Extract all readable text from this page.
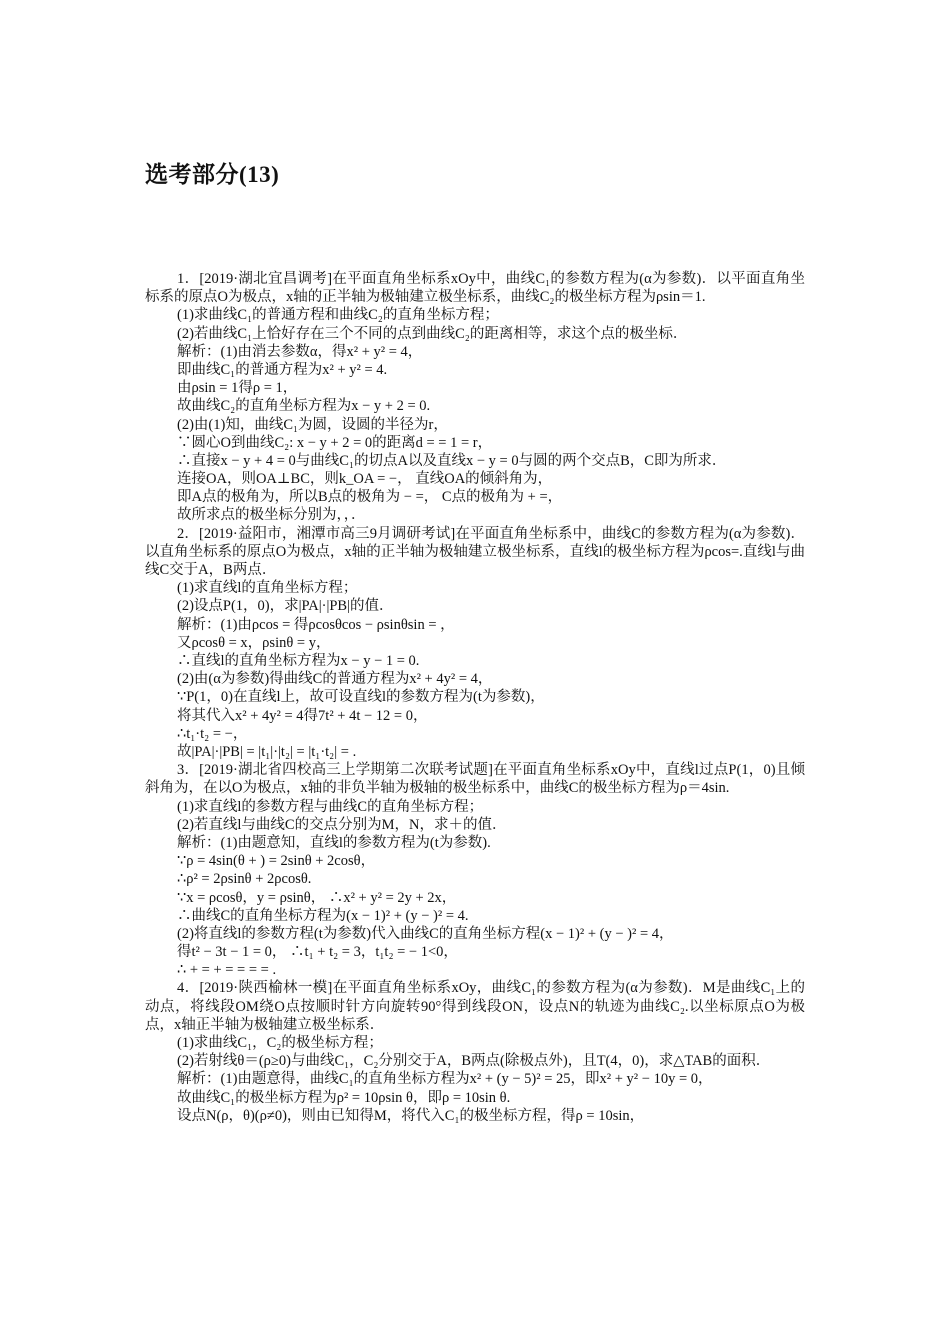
选考部分(13)
1．[2019·湖北宜昌调考]在平面直角坐标系xOy中，曲线C₁的参数方程为(α为参数)．以平面直角坐标系的原点O为极点，x轴的正半轴为极轴建立极坐标系，曲线C₂的极坐标方程为ρsin＝1.
(1)求曲线C₁的普通方程和曲线C₂的直角坐标方程；
(2)若曲线C₁上恰好存在三个不同的点到曲线C₂的距离相等，求这个点的极坐标．
解析：(1)由消去参数α，得x² + y² = 4，
即曲线C₁的普通方程为x² + y² = 4.
由ρsin = 1得ρ = 1，
故曲线C₂的直角坐标方程为x − y + 2 = 0.
(2)由(1)知，曲线C₁为圆，设圆的半径为r，
∵圆心O到曲线C₂: x − y + 2 = 0的距离d = = 1 = r，
∴直接x − y + 4 = 0与曲线C₁的切点A以及直线x − y = 0与圆的两个交点B，C即为所求．
连接OA，则OA⊥BC，则k_OA = −， 直线OA的倾斜角为，
即A点的极角为，所以B点的极角为 − =， C点的极角为 + =，
故所求点的极坐标分别为，，．
2．[2019·益阳市，湘潭市高三9月调研考试]在平面直角坐标系中，曲线C的参数方程为(α为参数)．以直角坐标系的原点O为极点，x轴的正半轴为极轴建立极坐标系，直线l的极坐标方程为ρcos=.直线l与曲线C交于A，B两点．
(1)求直线l的直角坐标方程；
(2)设点P(1，0)，求|PA|·|PB|的值．
解析：(1)由ρcos = 得ρcosθcos − ρsinθsin = ，
又ρcosθ = x，ρsinθ = y，
∴直线l的直角坐标方程为x − y − 1 = 0.
(2)由(α为参数)得曲线C的普通方程为x² + 4y² = 4，
∵P(1，0)在直线l上，故可设直线l的参数方程为(t为参数)，
将其代入x² + 4y² = 4得7t² + 4t − 12 = 0，
∴t₁·t₂ = −，
故|PA|·|PB| = |t₁|·|t₂| = |t₁·t₂| = .
3．[2019·湖北省四校高三上学期第二次联考试题]在平面直角坐标系xOy中，直线l过点P(1，0)且倾斜角为，在以O为极点，x轴的非负半轴为极轴的极坐标系中，曲线C的极坐标方程为ρ＝4sin.
(1)求直线l的参数方程与曲线C的直角坐标方程；
(2)若直线l与曲线C的交点分别为M，N，求＋的值．
解析：(1)由题意知，直线l的参数方程为(t为参数).
∵ρ = 4sin(θ + ) = 2sinθ + 2cosθ，
∴ρ² = 2ρsinθ + 2ρcosθ.
∵x = ρcosθ，y = ρsinθ， ∴x² + y² = 2y + 2x，
∴曲线C的直角坐标方程为(x − 1)² + (y − )² = 4.
(2)将直线l的参数方程(t为参数)代入曲线C的直角坐标方程(x − 1)² + (y − )² = 4，
得t² − 3t − 1 = 0， ∴t₁ + t₂ = 3，t₁t₂ = − 1<0，
∴ + = + = = = = .
4．[2019·陕西榆林一模]在平面直角坐标系xOy，曲线C₁的参数方程为(α为参数)．M是曲线C₁上的动点，将线段OM绕O点按顺时针方向旋转90°得到线段ON，设点N的轨迹为曲线C₂.以坐标原点O为极点，x轴正半轴为极轴建立极坐标系．
(1)求曲线C₁，C₂的极坐标方程；
(2)若射线θ＝(ρ≥0)与曲线C₁，C₂分别交于A，B两点(除极点外)，且T(4，0)，求△TAB的面积．
解析：(1)由题意得，曲线C₁的直角坐标方程为x² + (y − 5)² = 25，即x² + y² − 10y = 0，
故曲线C₁的极坐标方程为ρ² = 10ρsin θ，即ρ = 10sin θ.
设点N(ρ，θ)(ρ≠0)，则由已知得M，将代入C₁的极坐标方程，得ρ = 10sin，
